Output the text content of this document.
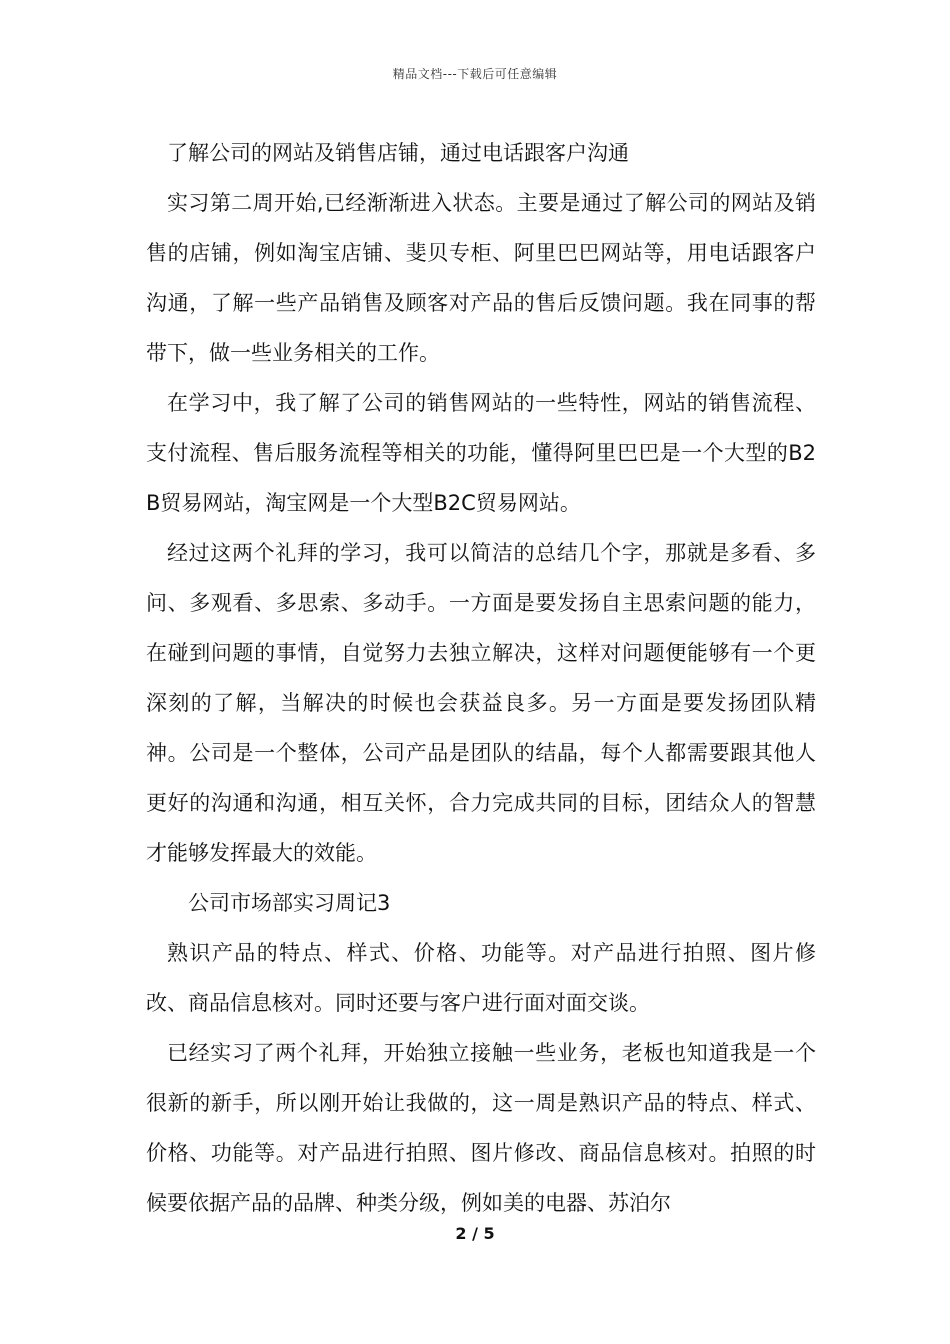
精品文档---下载后可任意编辑

了解公司的网站及销售店铺，通过电话跟客户沟通

实习第二周开始,已经渐渐进入状态。主要是通过了解公司的网站及销售的店铺，例如淘宝店铺、斐贝专柜、阿里巴巴网站等，用电话跟客户沟通，了解一些产品销售及顾客对产品的售后反馈问题。我在同事的帮带下，做一些业务相关的工作。

在学习中，我了解了公司的销售网站的一些特性，网站的销售流程、支付流程、售后服务流程等相关的功能，懂得阿里巴巴是一个大型的B2B贸易网站，淘宝网是一个大型B2C贸易网站。

经过这两个礼拜的学习，我可以简洁的总结几个字，那就是多看、多问、多观看、多思索、多动手。一方面是要发扬自主思索问题的能力，在碰到问题的事情，自觉努力去独立解决，这样对问题便能够有一个更深刻的了解，当解决的时候也会获益良多。另一方面是要发扬团队精神。公司是一个整体，公司产品是团队的结晶，每个人都需要跟其他人更好的沟通和沟通，相互关怀，合力完成共同的目标，团结众人的智慧才能够发挥最大的效能。

公司市场部实习周记3

熟识产品的特点、样式、价格、功能等。对产品进行拍照、图片修改、商品信息核对。同时还要与客户进行面对面交谈。

已经实习了两个礼拜，开始独立接触一些业务，老板也知道我是一个很新的新手，所以刚开始让我做的，这一周是熟识产品的特点、样式、价格、功能等。对产品进行拍照、图片修改、商品信息核对。拍照的时候要依据产品的品牌、种类分级，例如美的电器、苏泊尔

2 / 5
